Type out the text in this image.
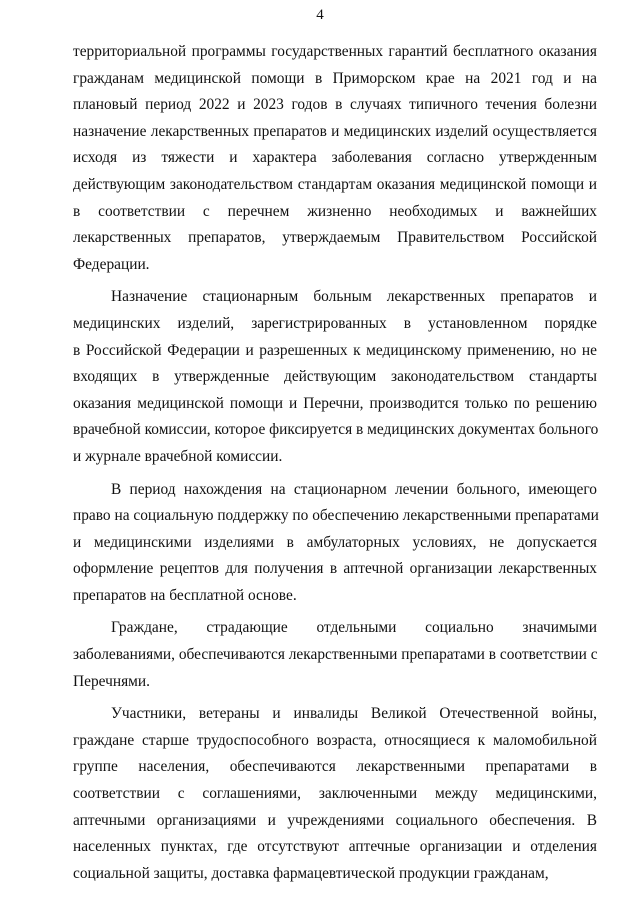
4
территориальной программы государственных гарантий бесплатного оказания
гражданам медицинской помощи в Приморском крае на 2021 год и на
плановый период 2022 и 2023 годов в случаях типичного течения болезни
назначение лекарственных препаратов и медицинских изделий осуществляется
исходя из тяжести и характера заболевания согласно утвержденным
действующим законодательством стандартам оказания медицинской помощи и
в соответствии с перечнем жизненно необходимых и важнейших
лекарственных препаратов, утверждаемым Правительством Российской
Федерации.
Назначение стационарным больным лекарственных препаратов и
медицинских изделий, зарегистрированных в установленном порядке
в Российской Федерации и разрешенных к медицинскому применению, но не
входящих в утвержденные действующим законодательством стандарты
оказания медицинской помощи и Перечни, производится только по решению
врачебной комиссии, которое фиксируется в медицинских документах больного
и журнале врачебной комиссии.
В период нахождения на стационарном лечении больного, имеющего
право на социальную поддержку по обеспечению лекарственными препаратами
и медицинскими изделиями в амбулаторных условиях, не допускается
оформление рецептов для получения в аптечной организации лекарственных
препаратов на бесплатной основе.
Граждане, страдающие отдельными социально значимыми
заболеваниями, обеспечиваются лекарственными препаратами в соответствии с
Перечнями.
Участники, ветераны и инвалиды Великой Отечественной войны,
граждане старше трудоспособного возраста, относящиеся к маломобильной
группе населения, обеспечиваются лекарственными препаратами в
соответствии с соглашениями, заключенными между медицинскими,
аптечными организациями и учреждениями социального обеспечения. В
населенных пунктах, где отсутствуют аптечные организации и отделения
социальной защиты, доставка фармацевтической продукции гражданам,
